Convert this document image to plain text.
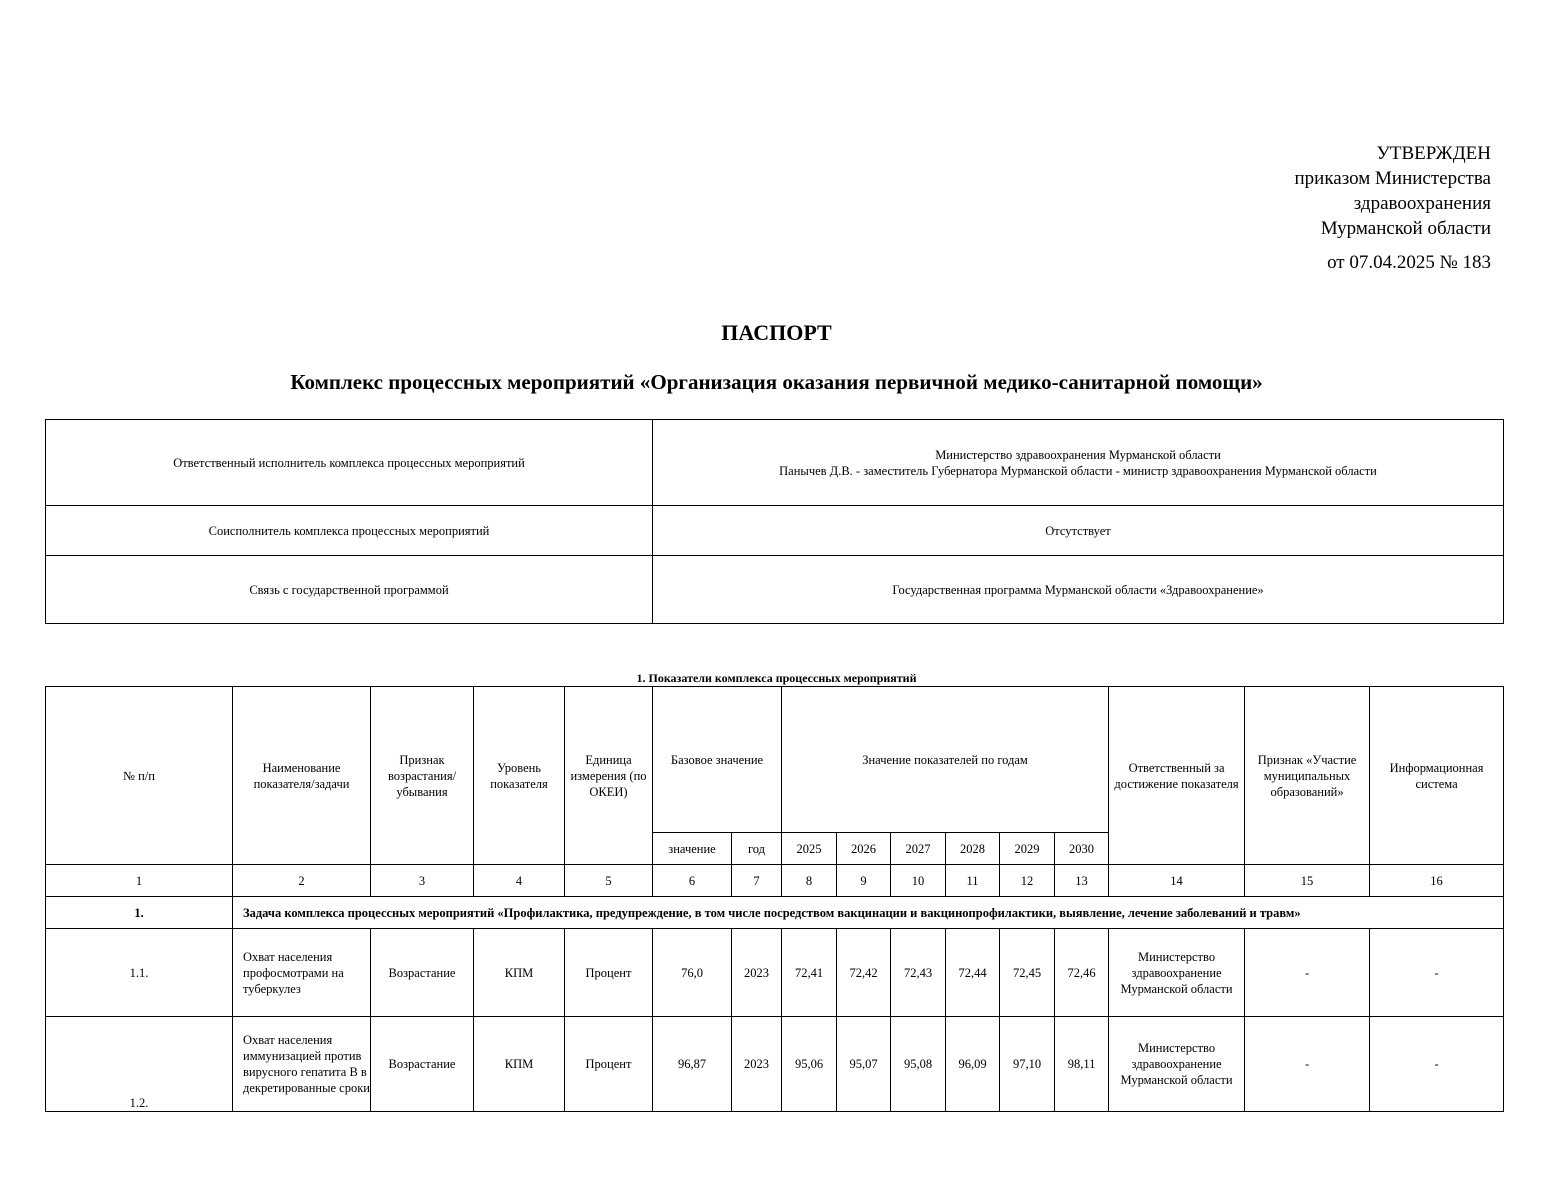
УТВЕРЖДЕН
приказом Министерства
здравоохранения
Мурманской области
от 07.04.2025 № 183
ПАСПОРТ
Комплекс процессных мероприятий «Организация оказания первичной медико-санитарной помощи»
Ответственный исполнитель комплекса процессных мероприятий	Министерство здравоохранения Мурманской области
Панычев Д.В. - заместитель Губернатора Мурманской области - министр здравоохранения Мурманской области

Соисполнитель комплекса процессных мероприятий	Отсутствует
Связь с государственной программой	Государственная программа Мурманской области «Здравоохранение»
1. Показатели комплекса процессных мероприятий
№ п/п	Наименование показателя/задачи	Признак возрастания/ убывания	Уровень показателя	Единица измерения (по ОКЕИ)	Базовое значение		Значение показателей по годам						Ответственный за достижение показателя	Признак «Участие муниципальных образований»	Информационная система
					значение	год	2025	2026	2027	2028	2029	2030			
1	2	3	4	5	6	7	8	9	10	11	12	13	14	15	16
1.	Задача комплекса процессных мероприятий «Профилактика, предупреждение, в том числе посредством вакцинации и вакцинопрофилактики, выявление, лечение заболеваний и травм»														
1.1.	Охват населения профосмотрами на туберкулез	Возрастание	КПМ	Процент	76,0	2023	72,41	72,42	72,43	72,44	72,45	72,46	Министерство здравоохранение Мурманской области	-	-
1.2.	Охват населения иммунизацией против вирусного гепатита В в декретированные сроки	Возрастание	КПМ	Процент	96,87	2023	95,06	95,07	95,08	96,09	97,10	98,11	Министерство здравоохранение Мурманской области	-	-
